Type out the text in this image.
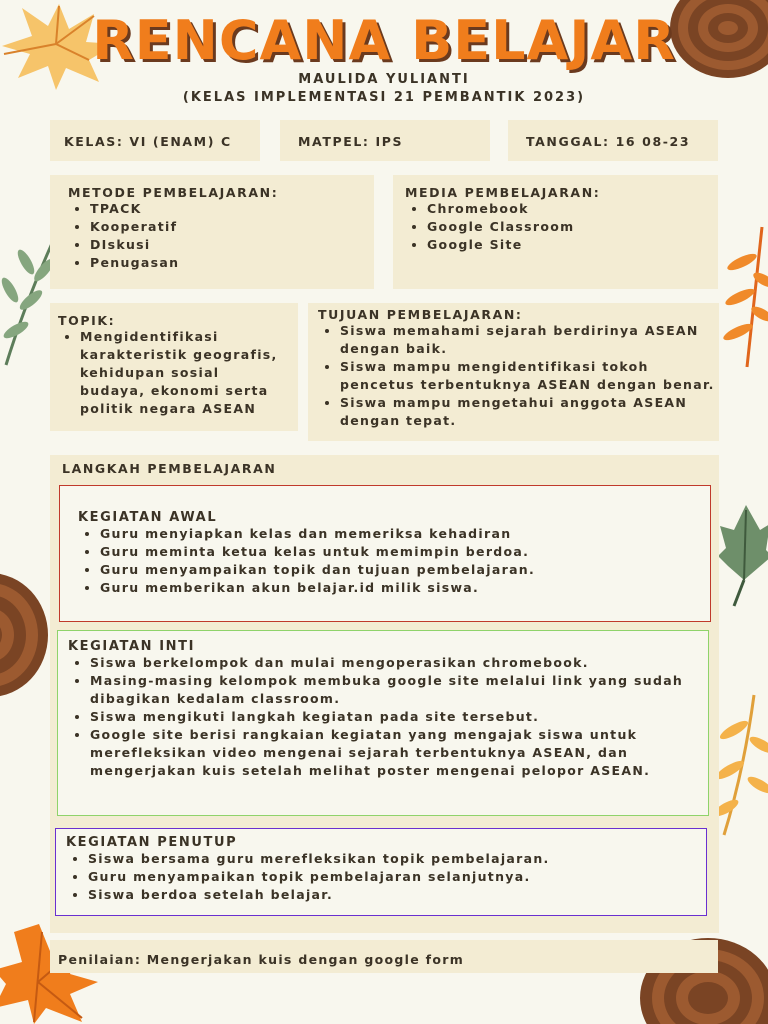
RENCANA BELAJAR
MAULIDA YULIANTI
(KELAS IMPLEMENTASI 21 PEMBANTIK 2023)
KELAS: VI (ENAM) C	MATPEL: IPS	TANGGAL: 16 08-23
METODE PEMBELAJARAN:
• TPACK
• Kooperatif
• DIskusi
• Penugasan
MEDIA PEMBELAJARAN:
• Chromebook
• Google Classroom
• Google Site
TOPIK:
• Mengidentifikasi karakteristik geografis, kehidupan sosial budaya, ekonomi serta politik negara ASEAN
TUJUAN PEMBELAJARAN:
• Siswa memahami sejarah berdirinya ASEAN dengan baik.
• Siswa mampu mengidentifikasi tokoh pencetus terbentuknya ASEAN dengan benar.
• Siswa mampu mengetahui anggota ASEAN dengan tepat.
LANGKAH PEMBELAJARAN
KEGIATAN AWAL
• Guru menyiapkan kelas dan memeriksa kehadiran
• Guru meminta ketua kelas untuk memimpin berdoa.
• Guru menyampaikan topik dan tujuan pembelajaran.
• Guru memberikan akun belajar.id milik siswa.
KEGIATAN INTI
• Siswa berkelompok dan mulai mengoperasikan chromebook.
• Masing-masing kelompok membuka google site melalui link yang sudah dibagikan kedalam classroom.
• Siswa mengikuti langkah kegiatan pada site tersebut.
• Google site berisi rangkaian kegiatan yang mengajak siswa untuk merefleksikan video mengenai sejarah terbentuknya ASEAN, dan mengerjakan kuis setelah melihat poster mengenai pelopor ASEAN.
KEGIATAN PENUTUP
• Siswa bersama guru merefleksikan topik pembelajaran.
• Guru menyampaikan topik pembelajaran selanjutnya.
• Siswa berdoa setelah belajar.
Penilaian: Mengerjakan kuis dengan google form
